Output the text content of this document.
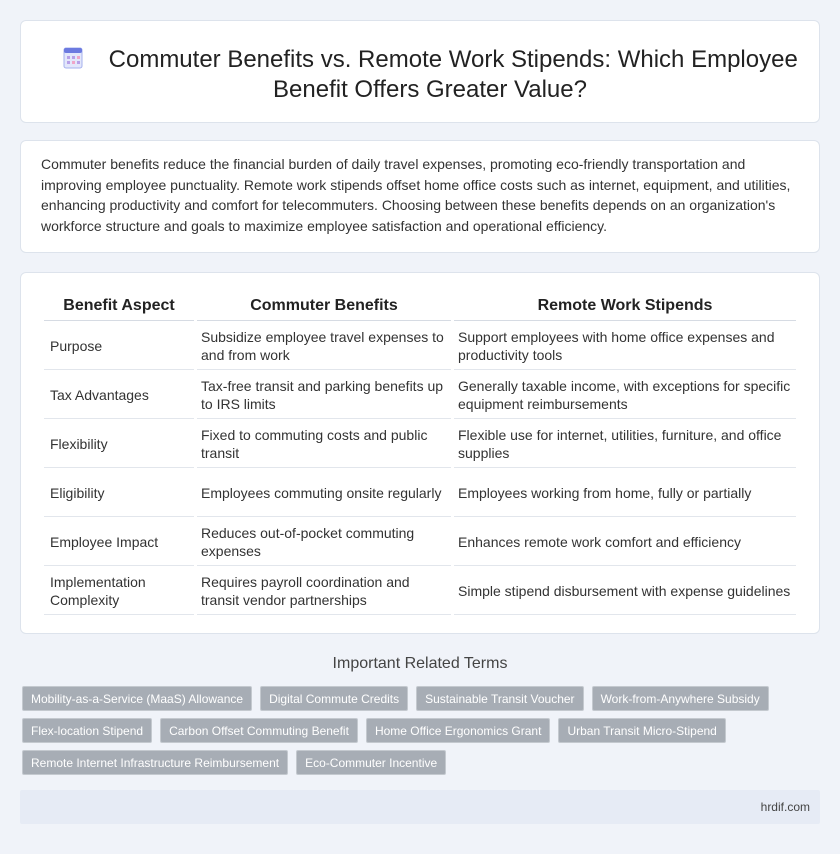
Commuter Benefits vs. Remote Work Stipends: Which Employee Benefit Offers Greater Value?

Commuter benefits reduce the financial burden of daily travel expenses, promoting eco-friendly transportation and improving employee punctuality. Remote work stipends offset home office costs such as internet, equipment, and utilities, enhancing productivity and comfort for telecommuters. Choosing between these benefits depends on an organization's workforce structure and goals to maximize employee satisfaction and operational efficiency.

Benefit Aspect	Commuter Benefits	Remote Work Stipends
Purpose	Subsidize employee travel expenses to and from work	Support employees with home office expenses and productivity tools
Tax Advantages	Tax-free transit and parking benefits up to IRS limits	Generally taxable income, with exceptions for specific equipment reimbursements
Flexibility	Fixed to commuting costs and public transit	Flexible use for internet, utilities, furniture, and office supplies
Eligibility	Employees commuting onsite regularly	Employees working from home, fully or partially
Employee Impact	Reduces out-of-pocket commuting expenses	Enhances remote work comfort and efficiency
Implementation Complexity	Requires payroll coordination and transit vendor partnerships	Simple stipend disbursement with expense guidelines
Important Related Terms
Mobility-as-a-Service (MaaS) Allowance	Digital Commute Credits	Sustainable Transit Voucher	Work-from-Anywhere Subsidy
Flex-location Stipend	Carbon Offset Commuting Benefit	Home Office Ergonomics Grant	Urban Transit Micro-Stipend
Remote Internet Infrastructure Reimbursement	Eco-Commuter Incentive
hrdif.com
